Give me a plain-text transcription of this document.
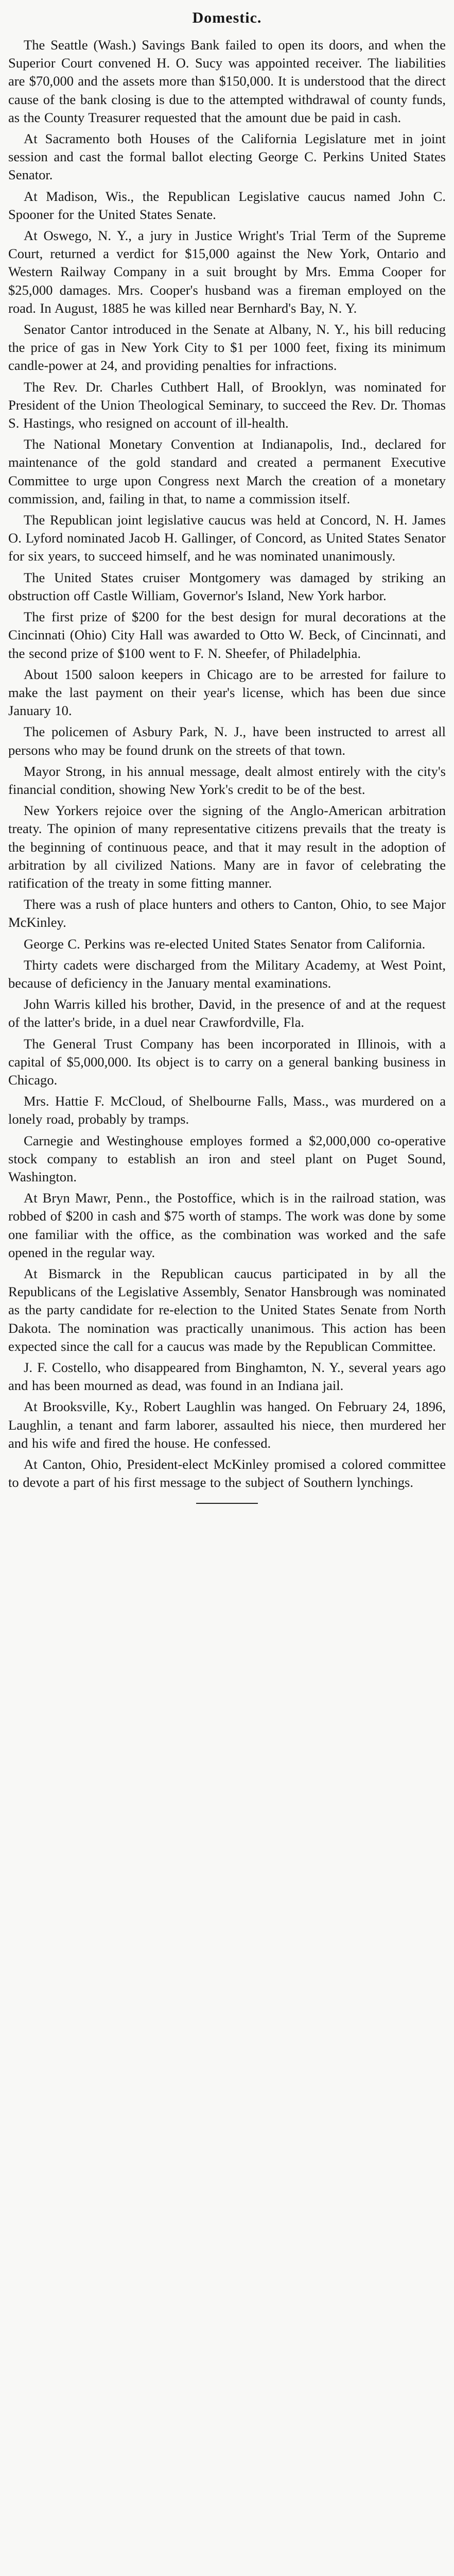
Domestic.

The Seattle (Wash.) Savings Bank failed to open its doors, and when the Superior Court convened H. O. Sucy was appointed receiver. The liabilities are $70,000 and the assets more than $150,000. It is understood that the direct cause of the bank closing is due to the attempted withdrawal of county funds, as the County Treasurer requested that the amount due be paid in cash.

At Sacramento both Houses of the California Legislature met in joint session and cast the formal ballot electing George C. Perkins United States Senator.

At Madison, Wis., the Republican Legislative caucus named John C. Spooner for the United States Senate.

At Oswego, N. Y., a jury in Justice Wright's Trial Term of the Supreme Court, returned a verdict for $15,000 against the New York, Ontario and Western Railway Company in a suit brought by Mrs. Emma Cooper for $25,000 damages. Mrs. Cooper's husband was a fireman employed on the road. In August, 1885 he was killed near Bernhard's Bay, N. Y.

Senator Cantor introduced in the Senate at Albany, N. Y., his bill reducing the price of gas in New York City to $1 per 1000 feet, fixing its minimum candle-power at 24, and providing penalties for infractions.

The Rev. Dr. Charles Cuthbert Hall, of Brooklyn, was nominated for President of the Union Theological Seminary, to succeed the Rev. Dr. Thomas S. Hastings, who resigned on account of ill-health.

The National Monetary Convention at Indianapolis, Ind., declared for maintenance of the gold standard and created a permanent Executive Committee to urge upon Congress next March the creation of a monetary commission, and, failing in that, to name a commission itself.

The Republican joint legislative caucus was held at Concord, N. H. James O. Lyford nominated Jacob H. Gallinger, of Concord, as United States Senator for six years, to succeed himself, and he was nominated unanimously.

The United States cruiser Montgomery was damaged by striking an obstruction off Castle William, Governor's Island, New York harbor.

The first prize of $200 for the best design for mural decorations at the Cincinnati (Ohio) City Hall was awarded to Otto W. Beck, of Cincinnati, and the second prize of $100 went to F. N. Sheefer, of Philadelphia.

About 1500 saloon keepers in Chicago are to be arrested for failure to make the last payment on their year's license, which has been due since January 10.

The policemen of Asbury Park, N. J., have been instructed to arrest all persons who may be found drunk on the streets of that town.

Mayor Strong, in his annual message, dealt almost entirely with the city's financial condition, showing New York's credit to be of the best.

New Yorkers rejoice over the signing of the Anglo-American arbitration treaty. The opinion of many representative citizens prevails that the treaty is the beginning of continuous peace, and that it may result in the adoption of arbitration by all civilized Nations. Many are in favor of celebrating the ratification of the treaty in some fitting manner.

There was a rush of place hunters and others to Canton, Ohio, to see Major McKinley.

George C. Perkins was re-elected United States Senator from California.

Thirty cadets were discharged from the Military Academy, at West Point, because of deficiency in the January mental examinations.

John Warris killed his brother, David, in the presence of and at the request of the latter's bride, in a duel near Crawfordville, Fla.

The General Trust Company has been incorporated in Illinois, with a capital of $5,000,000. Its object is to carry on a general banking business in Chicago.

Mrs. Hattie F. McCloud, of Shelbourne Falls, Mass., was murdered on a lonely road, probably by tramps.

Carnegie and Westinghouse employes formed a $2,000,000 co-operative stock company to establish an iron and steel plant on Puget Sound, Washington.

At Bryn Mawr, Penn., the Postoffice, which is in the railroad station, was robbed of $200 in cash and $75 worth of stamps. The work was done by some one familiar with the office, as the combination was worked and the safe opened in the regular way.

At Bismarck in the Republican caucus participated in by all the Republicans of the Legislative Assembly, Senator Hansbrough was nominated as the party candidate for re-election to the United States Senate from North Dakota. The nomination was practically unanimous. This action has been expected since the call for a caucus was made by the Republican Committee.

J. F. Costello, who disappeared from Binghamton, N. Y., several years ago and has been mourned as dead, was found in an Indiana jail.

At Brooksville, Ky., Robert Laughlin was hanged. On February 24, 1896, Laughlin, a tenant and farm laborer, assaulted his niece, then murdered her and his wife and fired the house. He confessed.

At Canton, Ohio, President-elect McKinley promised a colored committee to devote a part of his first message to the subject of Southern lynchings.
